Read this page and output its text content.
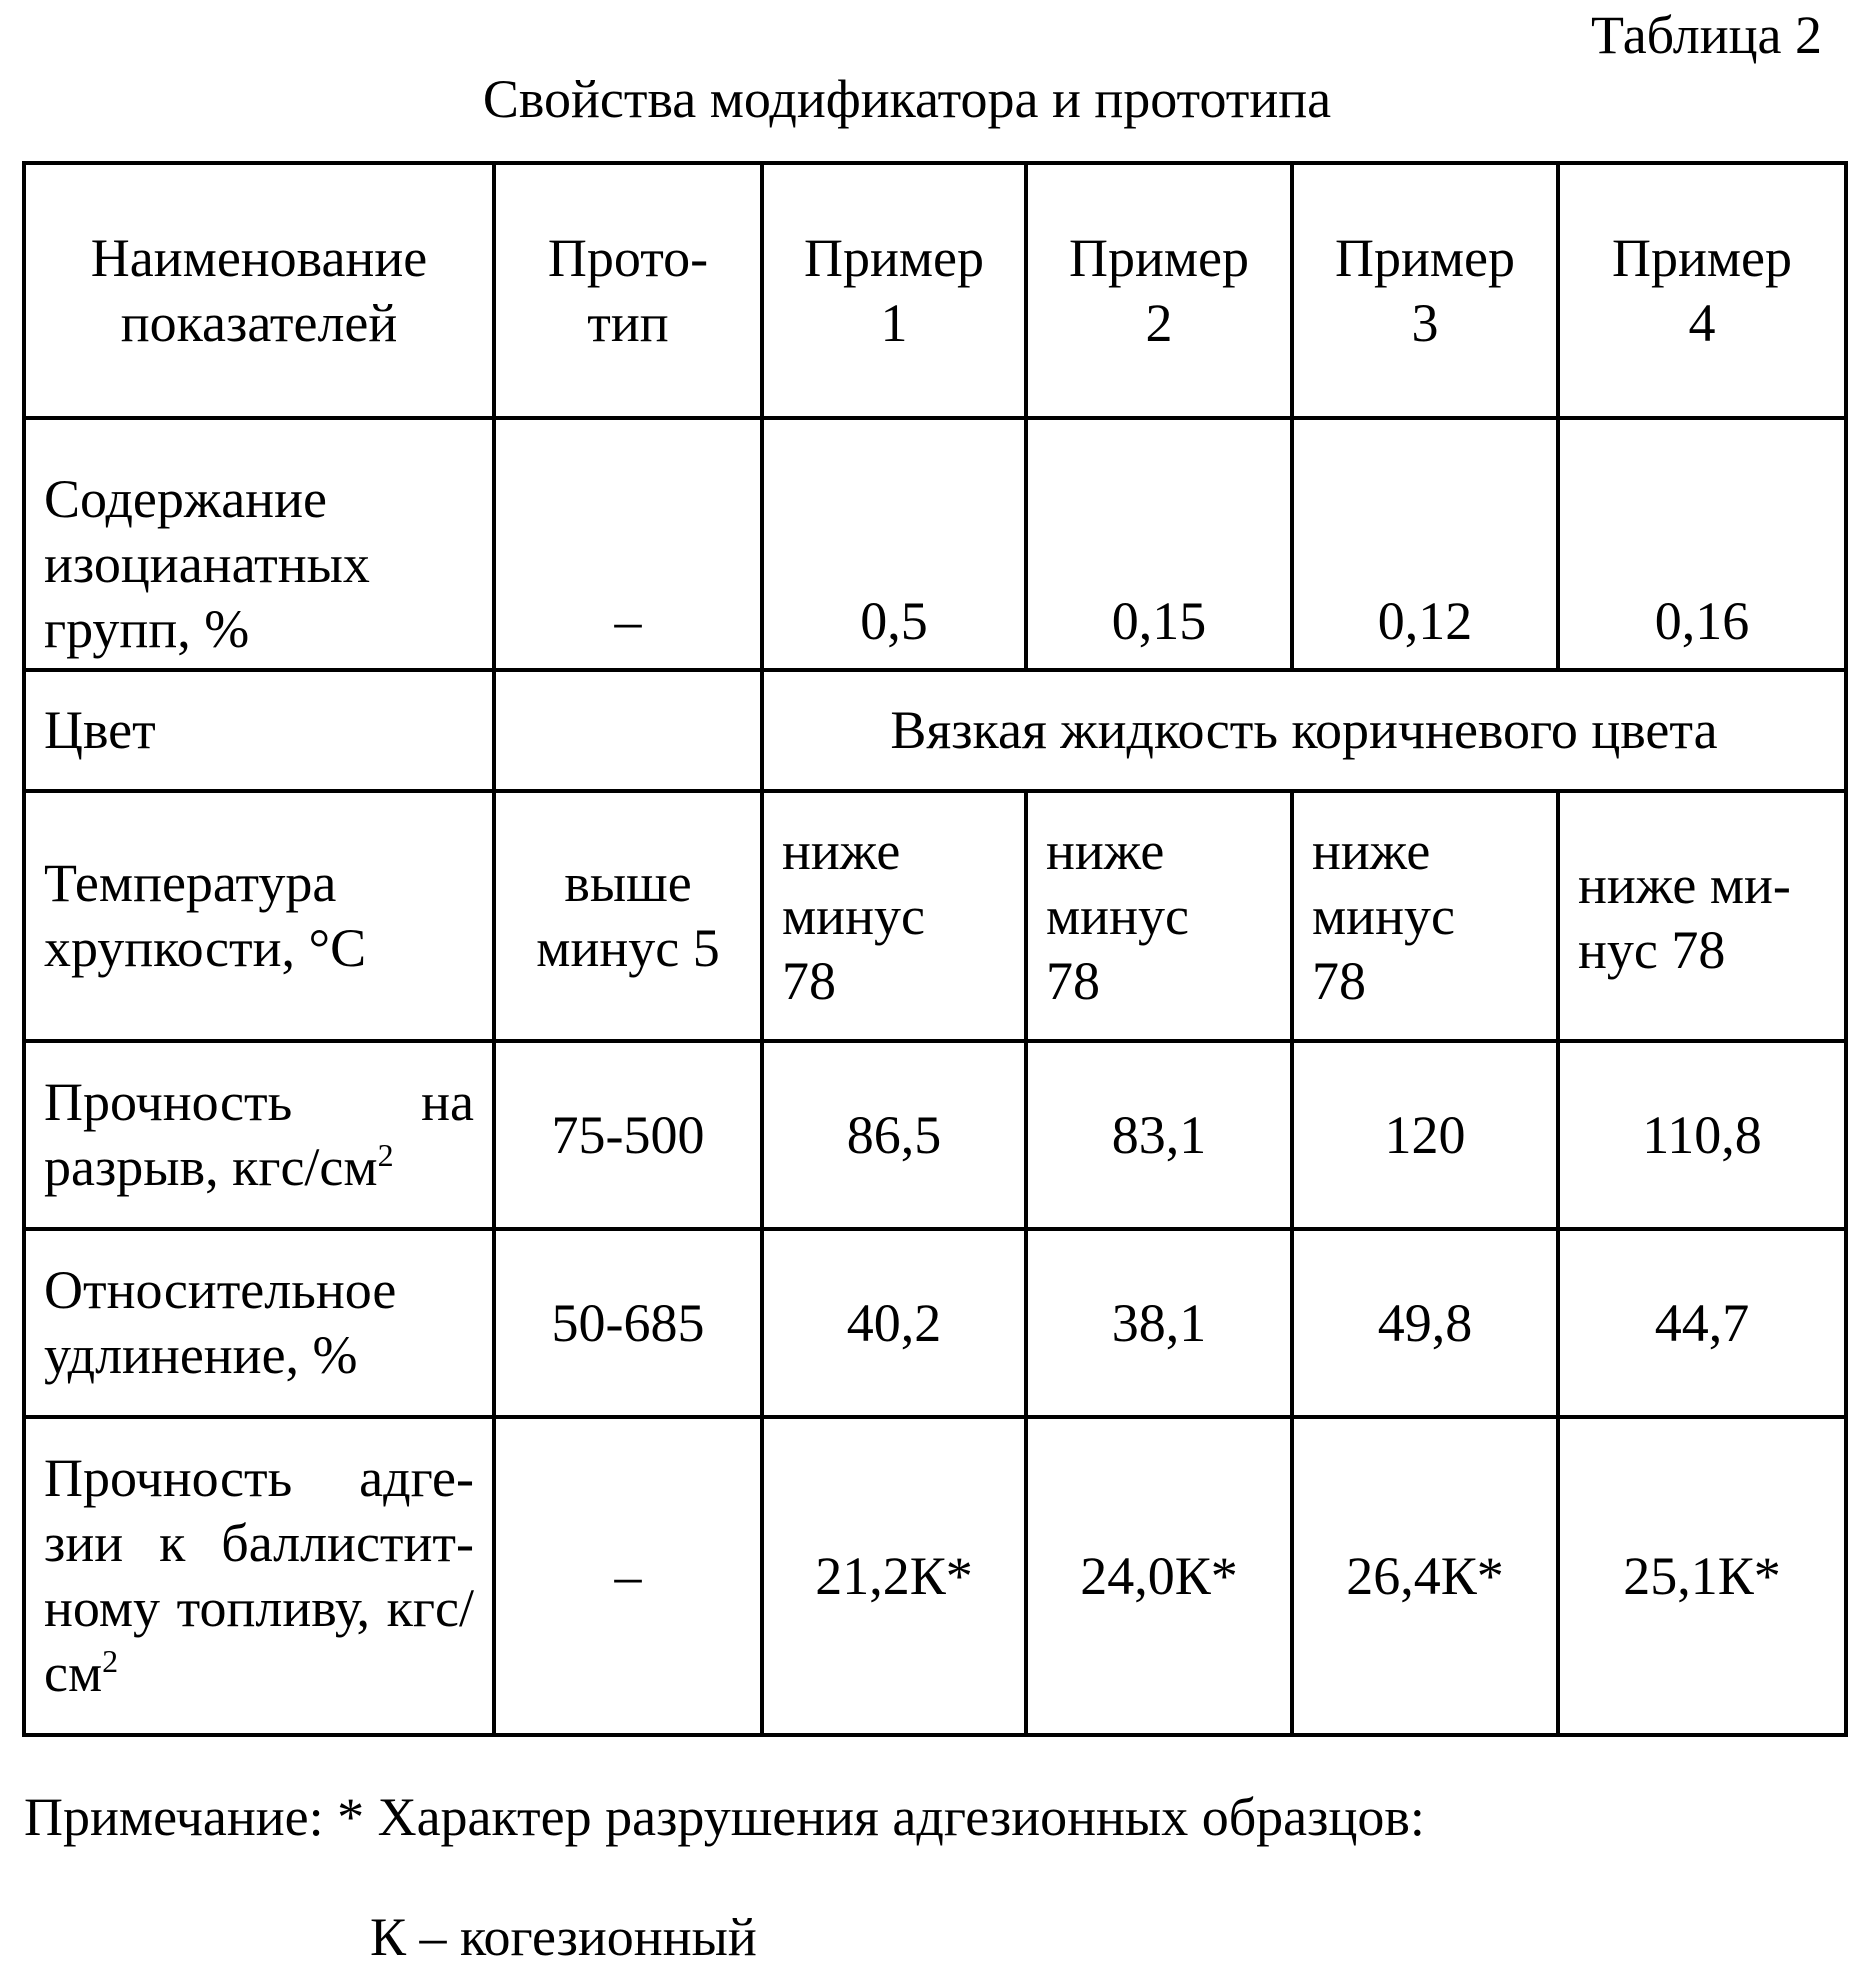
Таблица 2
Свойства модификатора и прототипа
Наименование
показателей

Прото-
тип

Пример
1

Пример
2

Пример
3

Пример
4

Содержание
изоцианатных
групп, %	–	0,5	0,15	0,12	0,16
Цвет		Вязкая жидкость коричневого цвета

Температура
хрупкости, °С

выше
минус 5

ниже
минус
78

ниже
минус
78

ниже
минус
78

ниже ми-
нус 78

Прочность на разрыв, кгс/см2	75-500	86,5	83,1	120	110,8

Относительное
удлинение, %
	50-685	40,2	38,1	49,8	44,7
Прочность адге-зии к баллистит-ному топливу, кгс/см2	–	21,2К*	24,0К*	26,4К*	25,1К*
Примечание: * Характер разрушения адгезионных образцов:
К – когезионный
